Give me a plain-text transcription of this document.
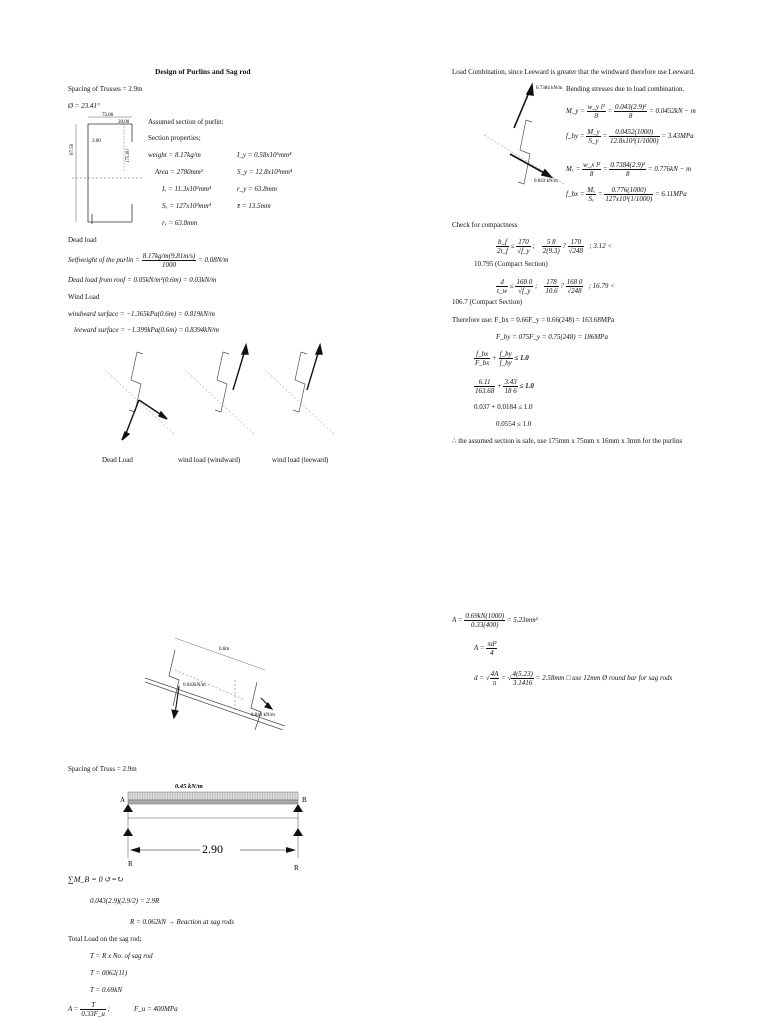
Design of Purlins and Sag rod
Spacing of Trusses = 2.9m
Ø = 23.41°
75.00
20.00
3.00
67.50	175.00
Assumed section of purlin:
Section properties;
weight = 8.17kg/m	I_y = 0.58x10⁶mm⁴
Area = 2780mm²	S_y = 12.8x10³mm⁴
Iₓ = 11.3x10⁶mm⁴	r_y = 63.8mm
Sₓ = 127x10³mm⁴	x̄ = 13.5mm
rₓ = 63.8mm
Dead load
Selfweight of the purlin = $\frac{8.17kg/m(9.81m/s)}{1000} = 0.08N/m$
Dead load from roof = 0.05kN/m²(0.6m) = 0.03kN/m
Wind Load
windward surface = −1.365kPa(0.6m) = 0.819kN/m
leeward surface = −1.399kPa(0.6m) = 0.8394kN/m
Dead Load	wind load (windward)	wind load (leeward)
Load Combination, since Leeward is greater that the windward therefore use Leeward.
0.7384 kN/m
0.043 kN/m
Bending stresses due to load combination.
M_y = $\frac{\text{w\_y l²}}{8} = \frac{\text{0.043(2.9)²}}{8} = 0.0452kN - m$
f_by = $\frac{M\_y}{S\_y} = \frac{0.0452(1000)}{\text{12.8x10³(1/1000)}} = 3.43MPa$
$M_x = \frac{\text{w\_x l²}}{8} = \frac{\text{0.7384(2.9)²}}{8} = 0.776kN - m$
f_bx = $\frac{\text{Mₓ}}{\text{Sₓ}} = \frac{0.776(1000)}{\text{127x10³(1/1000)}} = 6.11MPa$
Check for compactness
$\frac{b\_f}{2t\_f} \le \frac{170}{√f\_y}$ ; $\frac{5 8}{2(9.3)}$ ? $\frac{170}{√248}$ ; 3.12 <
10.795 (Compact Section)
$\frac{d}{t\_w} \le \frac{168 0}{√f\_y}$ ; $\frac{178}{10.6}$ ? $\frac{168 0}{√248}$ ; 16.79 <
106.7 (Compact Section)
Therefore use: F_bx = 0.66F_y = 0.66(248) = 163.68MPa
F_by = 075F_y = 0.75(248) = 186MPa
$\frac{f\_bx}{F\_bx} + \frac{f\_by}{f\_by} \le 1.0$
$\frac{6.11}{163.68} + \frac{3.43}{18 6} \le 1.0$
0.037 + 0.0184 ≤ 1.0
0.0554 ≤ 1.0
∴ the assumed section is safe, use 175mm x 75mm x 16mm x 3mm for the purlins
$A = \frac{0.69kN(1000)}{0.33(400)} = 5.23mm^2$
$A = \frac{\text{πd²}}{4}$
d = √ $\frac{4A}{\pi}$ = √ $\frac{4(5.23)}{3.1416} = 2.58mm$ □ use 12mm Ø round bar for sag rods
0.6m
0.043kN/m
0.843 kN/m
Spacing of Truss = 2.9m
0.45 kN/m
2.90
A	B
R	R
∑M_B = 0 ↺=↻
0.043(2.9)(2.9/2) = 2.9R
R = 0.062kN → Reaction at sag rods
Total Load on the sag rod;
T = R x No. of sag rod
T = 0062(11)
T = 0.69kN
$A = \frac{T}{0.33F\_u}$ ;	F_u = 400MPa
